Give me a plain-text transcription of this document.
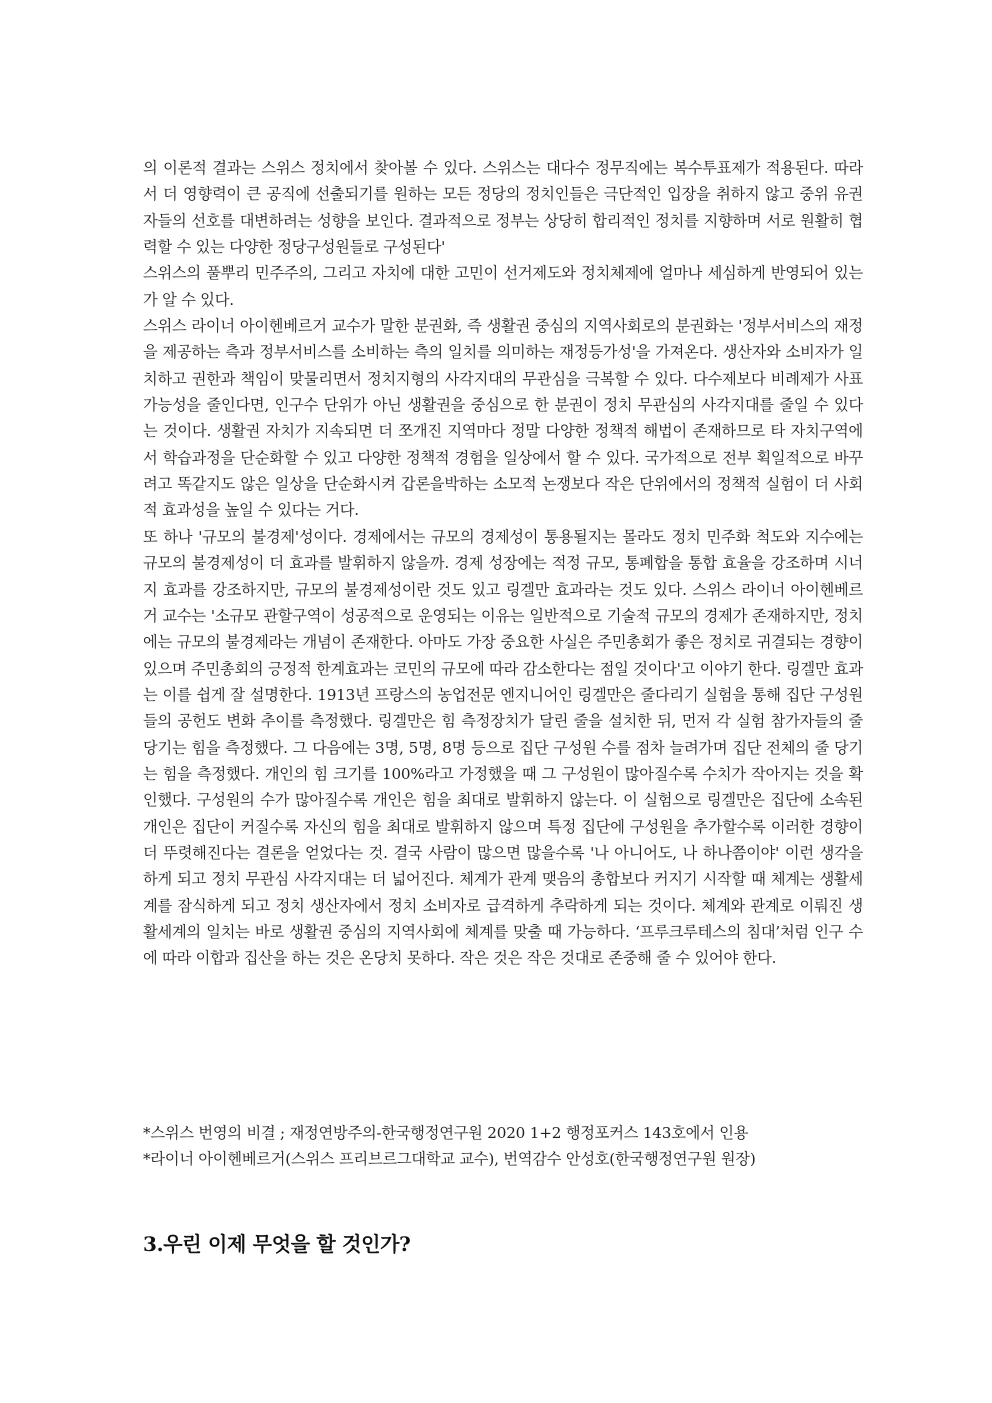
의 이론적 결과는 스위스 정치에서 찾아볼 수 있다. 스위스는 대다수 정무직에는 복수투표제가 적용된다. 따라서 더 영향력이 큰 공직에 선출되기를 원하는 모든 정당의 정치인들은 극단적인 입장을 취하지 않고 중위 유권자들의 선호를 대변하려는 성향을 보인다. 결과적으로 정부는 상당히 합리적인 정치를 지향하며 서로 원활히 협력할 수 있는 다양한 정당구성원들로 구성된다'

스위스의 풀뿌리 민주주의, 그리고 자치에 대한 고민이 선거제도와 정치체제에 얼마나 세심하게 반영되어 있는가 알 수 있다.

스위스 라이너 아이헨베르거 교수가 말한 분권화, 즉 생활권 중심의 지역사회로의 분권화는 '정부서비스의 재정을 제공하는 측과 정부서비스를 소비하는 측의 일치를 의미하는 재정등가성'을 가져온다. 생산자와 소비자가 일치하고 권한과 책임이 맞물리면서 정치지형의 사각지대의 무관심을 극복할 수 있다. 다수제보다 비례제가 사표가능성을 줄인다면, 인구수 단위가 아닌 생활권을 중심으로 한 분권이 정치 무관심의 사각지대를 줄일 수 있다는 것이다. 생활권 자치가 지속되면 더 쪼개진 지역마다 정말 다양한 정책적 해법이 존재하므로 타 자치구역에서 학습과정을 단순화할 수 있고 다양한 정책적 경험을 일상에서 할 수 있다. 국가적으로 전부 획일적으로 바꾸려고 똑같지도 않은 일상을 단순화시켜 갑론을박하는 소모적 논쟁보다 작은 단위에서의 정책적 실험이 더 사회적 효과성을 높일 수 있다는 거다.

또 하나 '규모의 불경제'성이다. 경제에서는 규모의 경제성이 통용될지는 몰라도 정치 민주화 척도와 지수에는 규모의 불경제성이 더 효과를 발휘하지 않을까. 경제 성장에는 적정 규모, 통폐합을 통합 효율을 강조하며 시너지 효과를 강조하지만, 규모의 불경제성이란 것도 있고 링겔만 효과라는 것도 있다. 스위스 라이너 아이헨베르거 교수는 '소규모 관할구역이 성공적으로 운영되는 이유는 일반적으로 기술적 규모의 경제가 존재하지만, 정치에는 규모의 불경제라는 개념이 존재한다. 아마도 가장 중요한 사실은 주민총회가 좋은 정치로 귀결되는 경향이 있으며 주민총회의 긍정적 한계효과는 코민의 규모에 따라 감소한다는 점일 것이다'고 이야기 한다. 링겔만 효과는 이를 쉽게 잘 설명한다. 1913년 프랑스의 농업전문 엔지니어인 링겔만은 줄다리기 실험을 통해 집단 구성원들의 공헌도 변화 추이를 측정했다. 링겔만은 힘 측정장치가 달린 줄을 설치한 뒤, 먼저 각 실험 참가자들의 줄 당기는 힘을 측정했다. 그 다음에는 3명, 5명, 8명 등으로 집단 구성원 수를 점차 늘려가며 집단 전체의 줄 당기는 힘을 측정했다. 개인의 힘 크기를 100%라고 가정했을 때 그 구성원이 많아질수록 수치가 작아지는 것을 확인했다. 구성원의 수가 많아질수록 개인은 힘을 최대로 발휘하지 않는다. 이 실험으로 링겔만은 집단에 소속된 개인은 집단이 커질수록 자신의 힘을 최대로 발휘하지 않으며 특정 집단에 구성원을 추가할수록 이러한 경향이 더 뚜렷해진다는 결론을 얻었다는 것. 결국 사람이 많으면 많을수록 '나 아니어도, 나 하나쯤이야' 이런 생각을 하게 되고 정치 무관심 사각지대는 더 넓어진다. 체계가 관계 맺음의 총합보다 커지기 시작할 때 체계는 생활세계를 잠식하게 되고 정치 생산자에서 정치 소비자로 급격하게 추락하게 되는 것이다. 체계와 관계로 이뤄진 생활세계의 일치는 바로 생활권 중심의 지역사회에 체계를 맞출 때 가능하다. ‘프루크루테스의 침대’처럼 인구 수에 따라 이합과 집산을 하는 것은 온당치 못하다. 작은 것은 작은 것대로 존중해 줄 수 있어야 한다.

*스위스 번영의 비결 ; 재정연방주의-한국행정연구원 2020 1+2 행정포커스 143호에서 인용
*라이너 아이헨베르거(스위스 프리브르그대학교 교수), 번역감수 안성호(한국행정연구원 원장)
3.우린 이제 무엇을 할 것인가?
